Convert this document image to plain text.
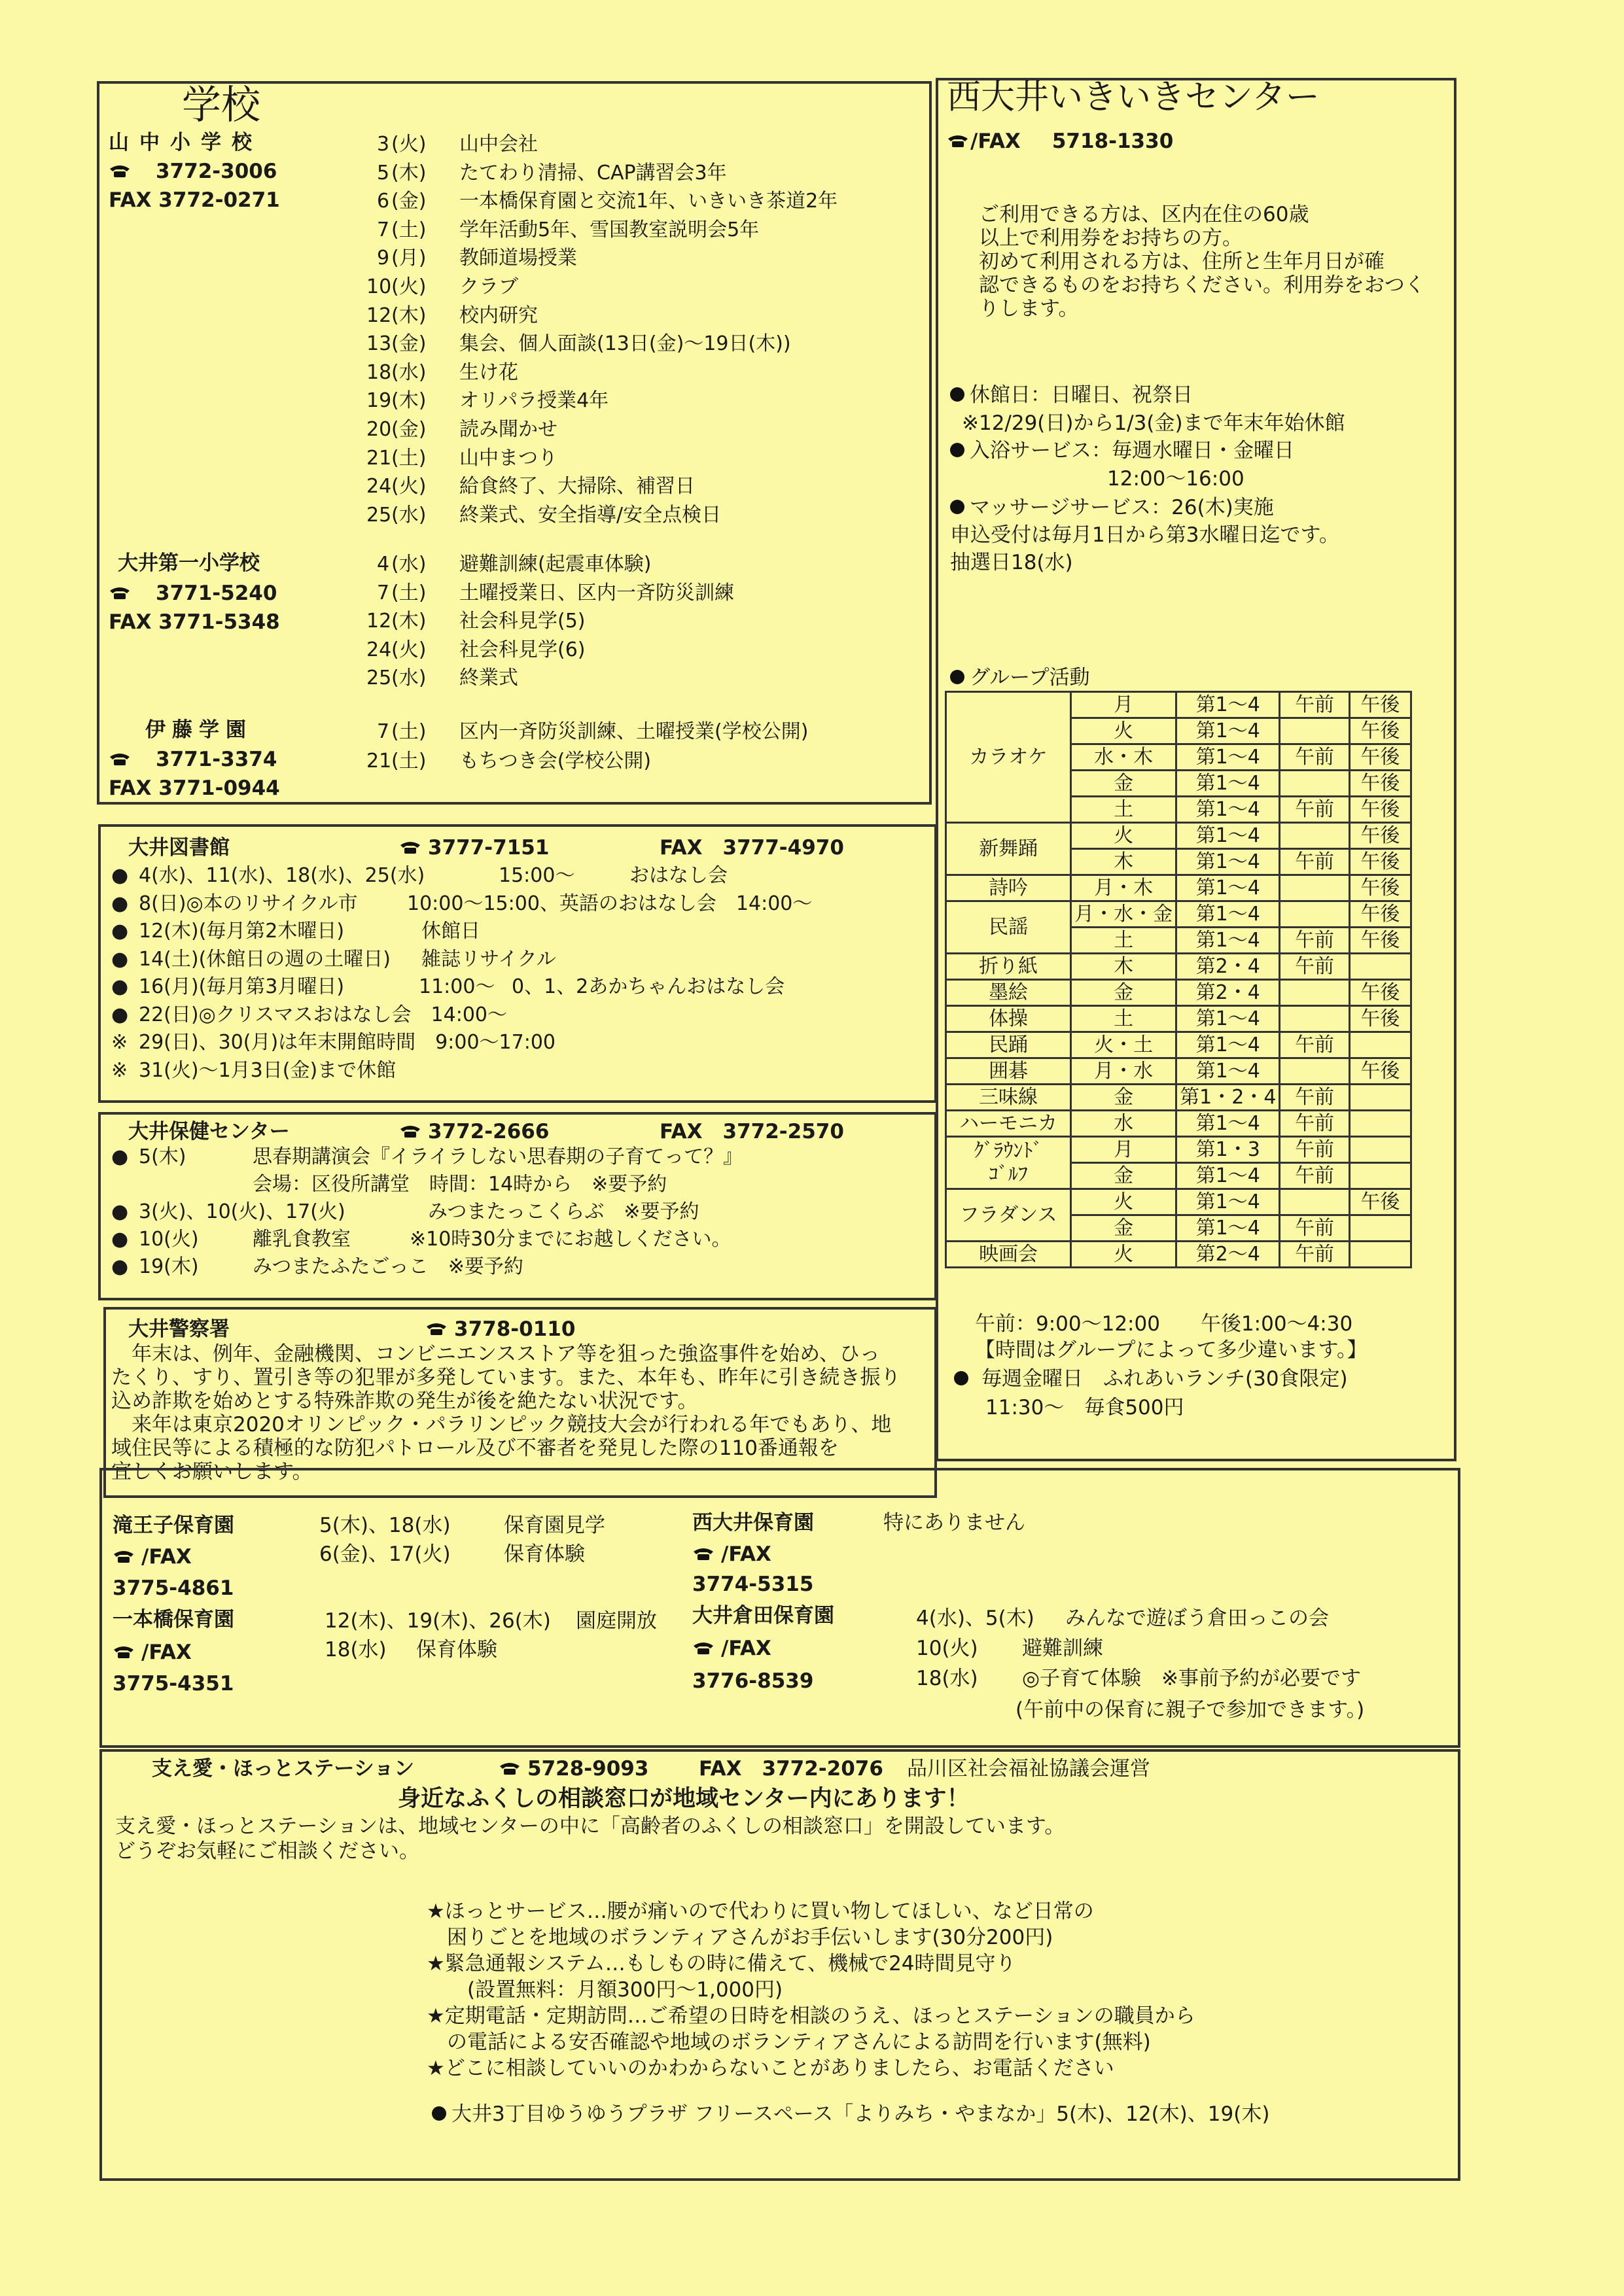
学校
山中小学校
3772-3006
FAX 3772-0271
3 (火) 山中会社
5 (木) たてわり清掃、CAP講習会3年
6 (金) 一本橋保育園と交流1年、いきいき茶道2年
7 (土) 学年活動5年、雪国教室説明会5年
9 (月) 教師道場授業
10 (火) クラブ
12 (木) 校内研究
13 (金) 集会、個人面談(13日(金)～19日(木))
18 (水) 生け花
19 (木) オリパラ授業4年
20 (金) 読み聞かせ
21 (土) 山中まつり
24 (火) 給食終了、大掃除、補習日
25 (水) 終業式、安全指導/安全点検日
大井第一小学校
3771-5240
FAX 3771-5348
4 (水) 避難訓練(起震車体験)
7 (土) 土曜授業日、区内一斉防災訓練
12 (木) 社会科見学(5)
24 (火) 社会科見学(6)
25 (水) 終業式
伊藤学園
3771-3374
FAX 3771-0944
7 (土) 区内一斉防災訓練、土曜授業(学校公開)
21 (土) もちつき会(学校公開)
西大井いきいきセンター
/FAX 5718-1330
ご利用できる方は、区内在住の60歳
以上で利用券をお持ちの方。
初めて利用される方は、住所と生年月日が確
認できるものをお持ちください。利用券をおつく
りします。
休館日：日曜日、祝祭日
※12/29(日)から1/3(金)まで年末年始休館
入浴サービス：毎週水曜日・金曜日
12:00～16:00
マッサージサービス：26(木)実施
申込受付は毎月1日から第3水曜日迄です。
抽選日18(水)
グループ活動
カラオケ	月	第1～4	午前	午後
	火	第1～4		午後
	水・木	第1～4	午前	午後
	金	第1～4		午後
	土	第1～4	午前	午後
新舞踊	火	第1～4		午後
	木	第1～4	午前	午後
詩吟	月・木	第1～4		午後
民謡	月・水・金	第1～4		午後
	土	第1～4	午前	午後
折り紙	木	第2・4	午前	
墨絵	金	第2・4		午後
体操	土	第1～4		午後
民踊	火・土	第1～4	午前	
囲碁	月・水	第1～4		午後
三味線	金	第1・2・4	午前	
ハーモニカ	水	第1～4	午前	

ｸﾞﾗｳﾝﾄﾞ
ｺﾞﾙﾌ	月	第1・3	午前	
	金	第1～4	午前	
フラダンス	火	第1～4		午後
	金	第1～4	午前	
映画会	火	第2～4	午前	
午前：9:00～12:00　　午後1:00～4:30
【時間はグループによって多少違います。】
毎週金曜日　ふれあいランチ(30食限定)
11:30～　毎食500円
大井図書館	3777-7151	FAX　3777-4970
● 4(水)、11(水)、18(水)、25(水)	15:00～	おはなし会
● 8(日)◎本のリサイクル市	10:00～15:00、英語のおはなし会　14:00～
● 12(木)(毎月第2木曜日)	休館日
● 14(土)(休館日の週の土曜日) 雑誌リサイクル
● 16(月)(毎月第3月曜日)	11:00～ 0、1、2あかちゃんおはなし会
● 22(日)◎クリスマスおはなし会　14:00～
※ 29(日)、30(月)は年末開館時間　9:00～17:00
※ 31(火)～1月3日(金)まで休館
大井保健センター	3772-2666	FAX　3772-2570
● 5(木)	思春期講演会『イライラしない思春期の子育てって？』
会場：区役所講堂　時間：14時から　※要予約
● 3(火)、10(火)、17(火)	みつまたっこくらぶ　※要予約
● 10(火)	離乳食教室　　　※10時30分までにお越しください。
● 19(木)	みつまたふたごっこ　※要予約
大井警察署	3778-0110
　年末は、例年、金融機関、コンビニエンスストア等を狙った強盗事件を始め、ひっ
たくり、すり、置引き等の犯罪が多発しています。また、本年も、昨年に引き続き振り
込め詐欺を始めとする特殊詐欺の発生が後を絶たない状況です。
　来年は東京2020オリンピック・パラリンピック競技大会が行われる年でもあり、地
域住民等による積極的な防犯パトロール及び不審者を発見した際の110番通報を
宜しくお願いします。
滝王子保育園
/FAX
3775-4861
5(木)、18(水)	保育園見学
6(金)、17(火)	保育体験
一本橋保育園
/FAX
3775-4351
12(木)、19(木)、26(木) 園庭開放
18(水) 保育体験
西大井保育園	特にありません
/FAX
3774-5315
大井倉田保育園
/FAX
3776-8539
4(水)、5(木) みんなで遊ぼう倉田っこの会
10(火) 避難訓練
18(水) ◎子育て体験　※事前予約が必要です
(午前中の保育に親子で参加できます。)
支え愛・ほっとステーション	5728-9093 FAX　3772-2076 品川区社会福祉協議会運営
身近なふくしの相談窓口が地域センター内にあります！
支え愛・ほっとステーションは、地域センターの中に「高齢者のふくしの相談窓口」を開設しています。
どうぞお気軽にご相談ください。
★ほっとサービス…腰が痛いので代わりに買い物してほしい、など日常の
　困りごとを地域のボランティアさんがお手伝いします(30分200円)
★緊急通報システム…もしもの時に備えて、機械で24時間見守り
　　(設置無料：月額300円～1,000円)
★定期電話・定期訪問…ご希望の日時を相談のうえ、ほっとステーションの職員から
　の電話による安否確認や地域のボランティアさんによる訪問を行います(無料)
★どこに相談していいのかわからないことがありましたら、お電話ください
大井3丁目ゆうゆうプラザ フリースペース「よりみち・やまなか」5(木)、12(木)、19(木)
